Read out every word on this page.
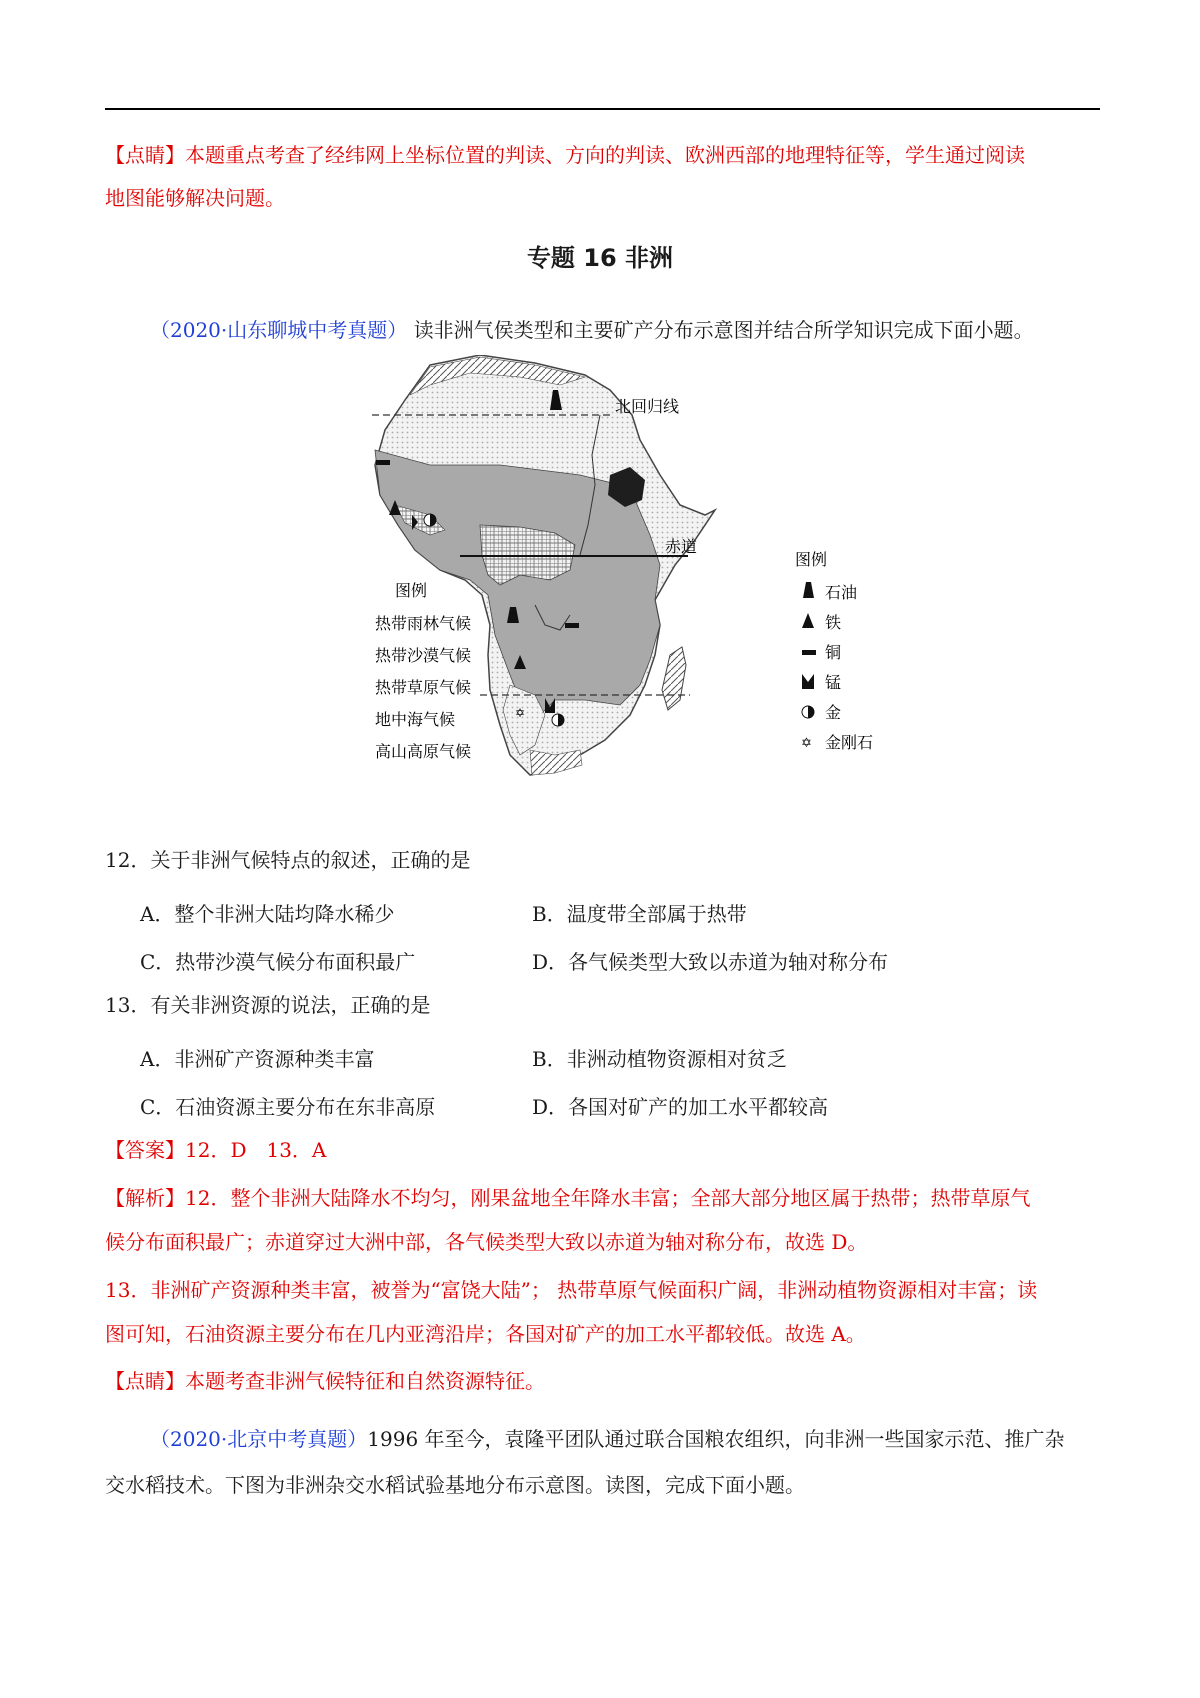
【点睛】本题重点考查了经纬网上坐标位置的判读、方向的判读、欧洲西部的地理特征等，学生通过阅读
地图能够解决问题。
专题 16 非洲
（2020·山东聊城中考真题） 读非洲气侯类型和主要矿产分布示意图并结合所学知识完成下面小题。
北回归线
赤道
✡
图例
热带雨林气候
热带沙漠气候
热带草原气候
地中海气候
高山高原气候
图例
石油
铁
铜
锰
金
✡ 金刚石
12．关于非洲气候特点的叙述，正确的是
A．整个非洲大陆均降水稀少	B．温度带全部属于热带
C．热带沙漠气候分布面积最广	D．各气候类型大致以赤道为轴对称分布
13．有关非洲资源的说法，正确的是
A．非洲矿产资源种类丰富	B．非洲动植物资源相对贫乏
C．石油资源主要分布在东非高原	D．各国对矿产的加工水平都较高
【答案】12．D　13．A
【解析】12．整个非洲大陆降水不均匀，刚果盆地全年降水丰富；全部大部分地区属于热带；热带草原气
候分布面积最广；赤道穿过大洲中部，各气候类型大致以赤道为轴对称分布，故选 D。
13．非洲矿产资源种类丰富，被誉为“富饶大陆”； 热带草原气候面积广阔，非洲动植物资源相对丰富；读
图可知，石油资源主要分布在几内亚湾沿岸；各国对矿产的加工水平都较低。故选 A。
【点睛】本题考查非洲气候特征和自然资源特征。
（2020·北京中考真题）1996 年至今，袁隆平团队通过联合国粮农组织，向非洲一些国家示范、推广杂
交水稻技术。下图为非洲杂交水稻试验基地分布示意图。读图，完成下面小题。
